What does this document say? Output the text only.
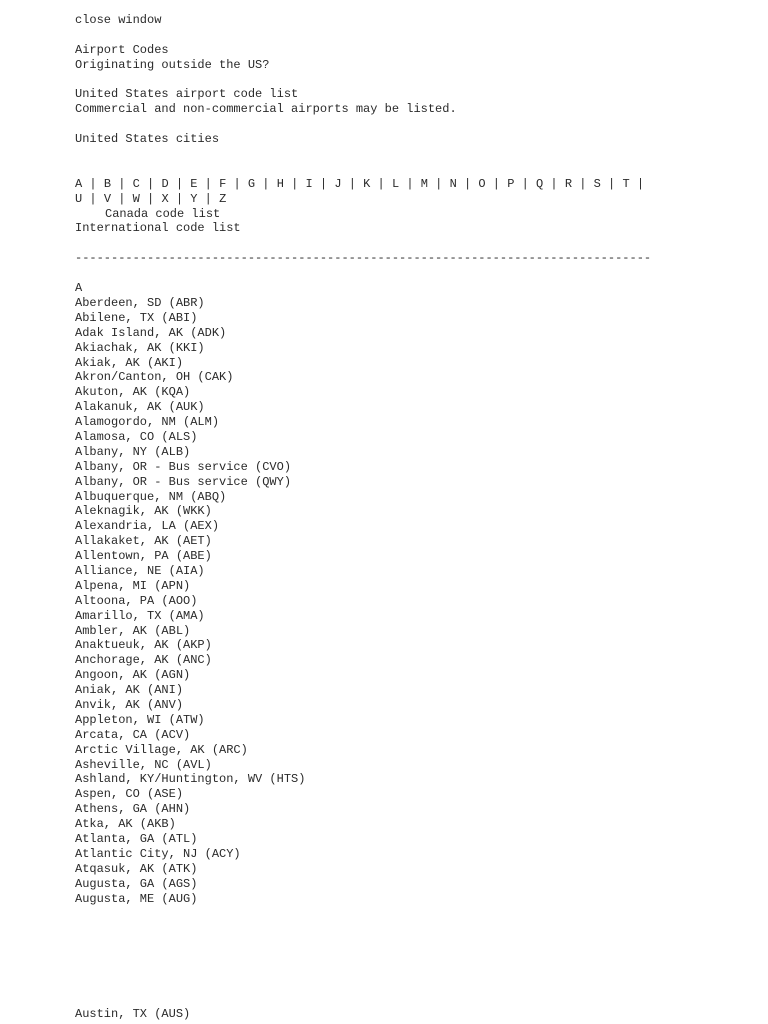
close window
Airport Codes
Originating outside the US?
United States airport code list
Commercial and non-commercial airports may be listed.
United States cities
A | B | C | D | E | F | G | H | I | J | K | L | M | N | O | P | Q | R | S | T |
U | V | W | X | Y | Z
Canada code list
International code list
--------------------------------------------------------------------------------
A
Aberdeen, SD (ABR)
Abilene, TX (ABI)
Adak Island, AK (ADK)
Akiachak, AK (KKI)
Akiak, AK (AKI)
Akron/Canton, OH (CAK)
Akuton, AK (KQA)
Alakanuk, AK (AUK)
Alamogordo, NM (ALM)
Alamosa, CO (ALS)
Albany, NY (ALB)
Albany, OR - Bus service (CVO)
Albany, OR - Bus service (QWY)
Albuquerque, NM (ABQ)
Aleknagik, AK (WKK)
Alexandria, LA (AEX)
Allakaket, AK (AET)
Allentown, PA (ABE)
Alliance, NE (AIA)
Alpena, MI (APN)
Altoona, PA (AOO)
Amarillo, TX (AMA)
Ambler, AK (ABL)
Anaktueuk, AK (AKP)
Anchorage, AK (ANC)
Angoon, AK (AGN)
Aniak, AK (ANI)
Anvik, AK (ANV)
Appleton, WI (ATW)
Arcata, CA (ACV)
Arctic Village, AK (ARC)
Asheville, NC (AVL)
Ashland, KY/Huntington, WV (HTS)
Aspen, CO (ASE)
Athens, GA (AHN)
Atka, AK (AKB)
Atlanta, GA (ATL)
Atlantic City, NJ (ACY)
Atqasuk, AK (ATK)
Augusta, GA (AGS)
Augusta, ME (AUG)
Austin, TX (AUS)
